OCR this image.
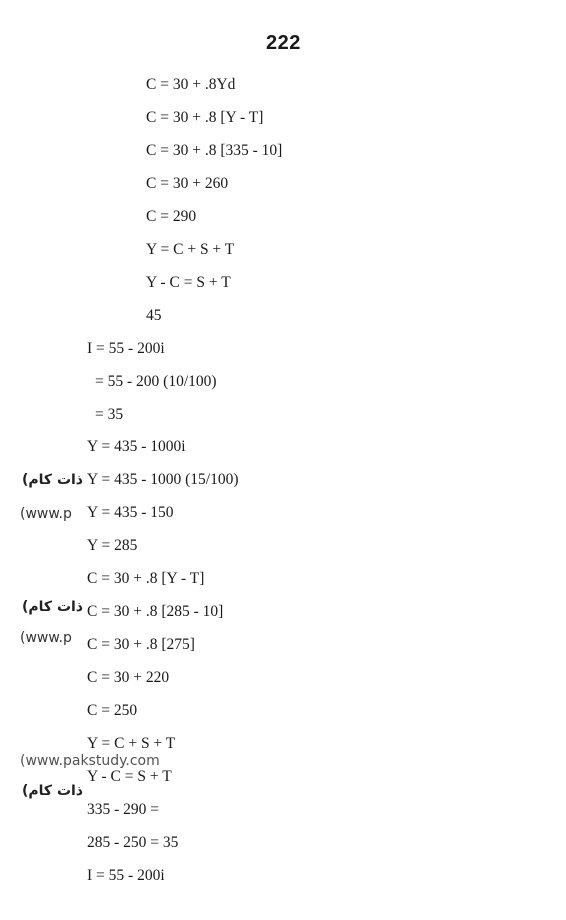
222
C = 30 + .8Yd
C = 30 + .8 [Y - T]
C = 30 + .8 [335 - 10]
C = 30 + 260
C = 290
Y = C + S + T
Y - C = S + T
45
I = 55 - 200i
= 55 - 200 (10/100)
= 35
Y = 435 - 1000i
Y = 435 - 1000 (15/100)
Y = 435 - 150
Y = 285
C = 30 + .8 [Y - T]
C = 30 + .8 [285 - 10]
C = 30 + .8 [275]
C = 30 + 220
C = 250
Y = C + S + T
Y - C = S + T
335 - 290 =
285 - 250 = 35
I = 55 - 200i
(ذات کام
(www.p
(ذات کام
(www.p
(www.pakstudy.com
(ذات کام
